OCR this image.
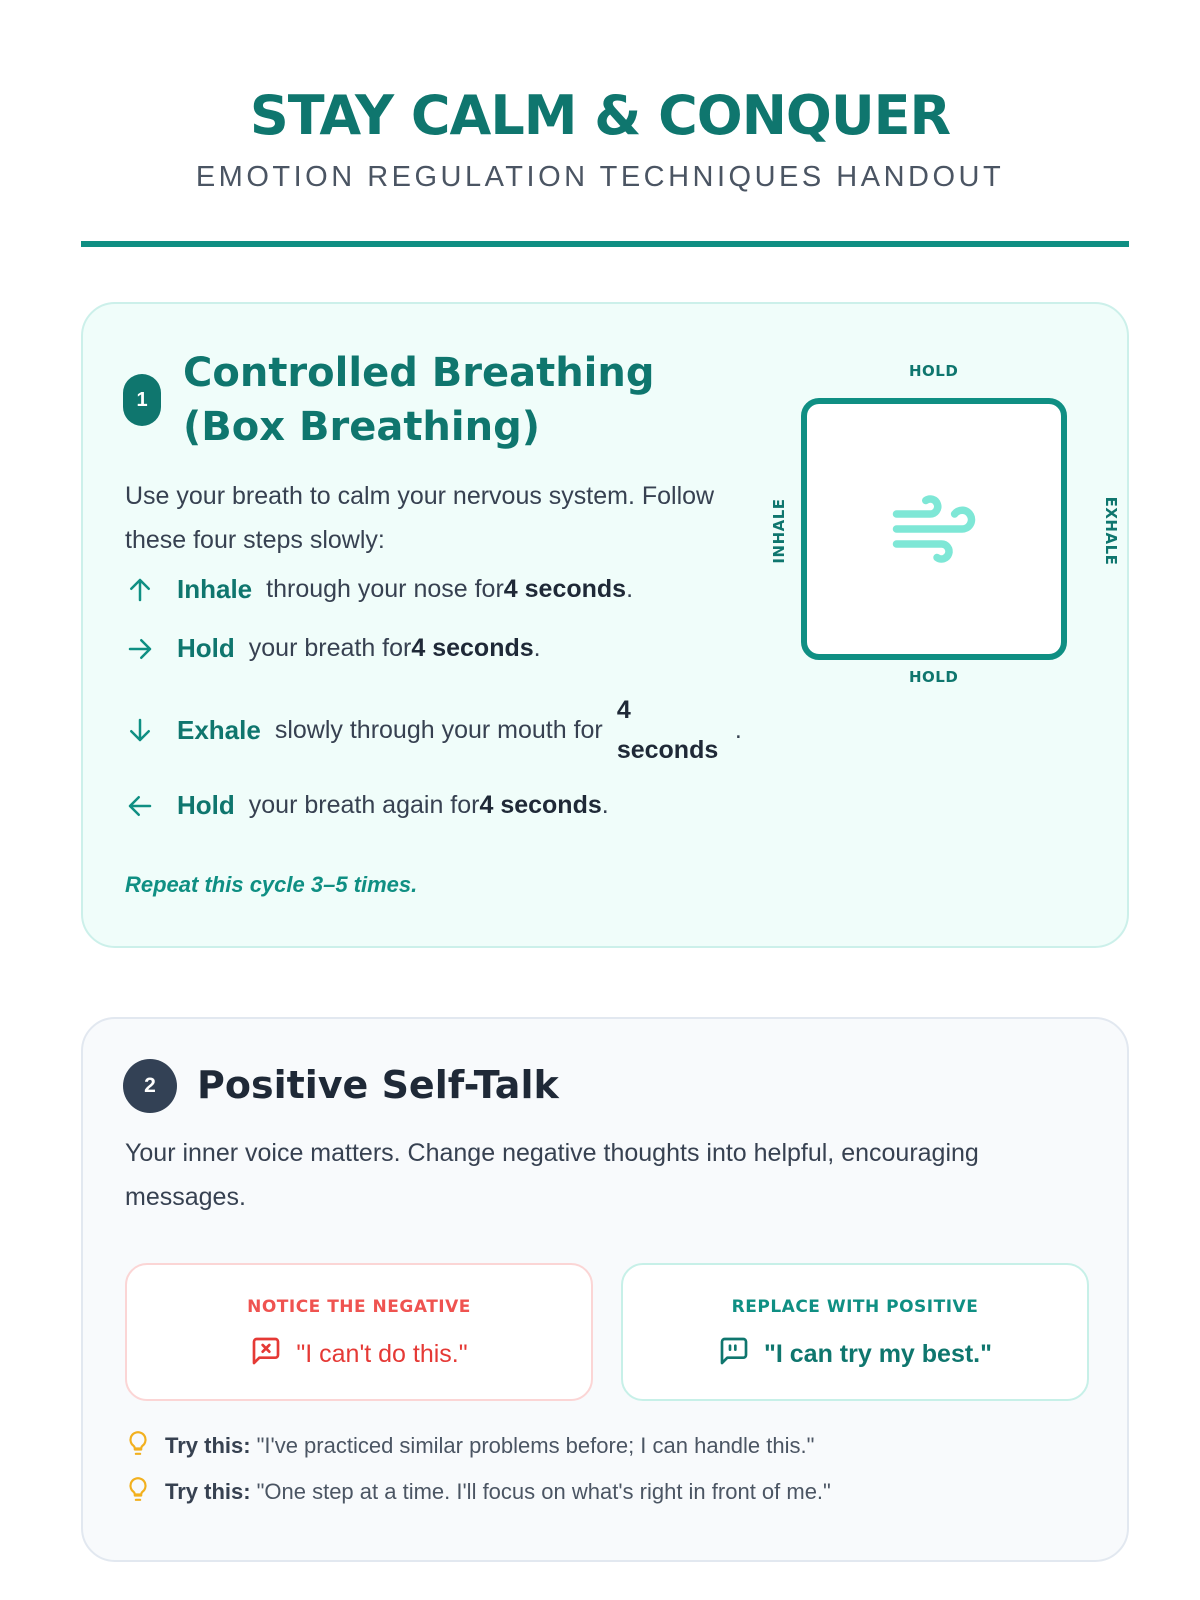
STAY CALM & CONQUER
EMOTION REGULATION TECHNIQUES HANDOUT
1
Controlled Breathing (Box Breathing)

Use your breath to calm your nervous system. Follow these four steps slowly:

Inhale through your nose for 4 seconds .
Hold your breath for 4 seconds .
Exhale slowly through your mouth for
4 seconds
.
Hold your breath again for 4 seconds .

Repeat this cycle 3–5 times.

HOLD
HOLD
INHALE	EXHALE
2	Positive Self-Talk

Your inner voice matters. Change negative thoughts into helpful, encouraging messages.

NOTICE THE NEGATIVE
"I can't do this."
REPLACE WITH POSITIVE
"I can try my best."
Try this: "I've practiced similar problems before; I can handle this."
Try this: "One step at a time. I'll focus on what's right in front of me."
